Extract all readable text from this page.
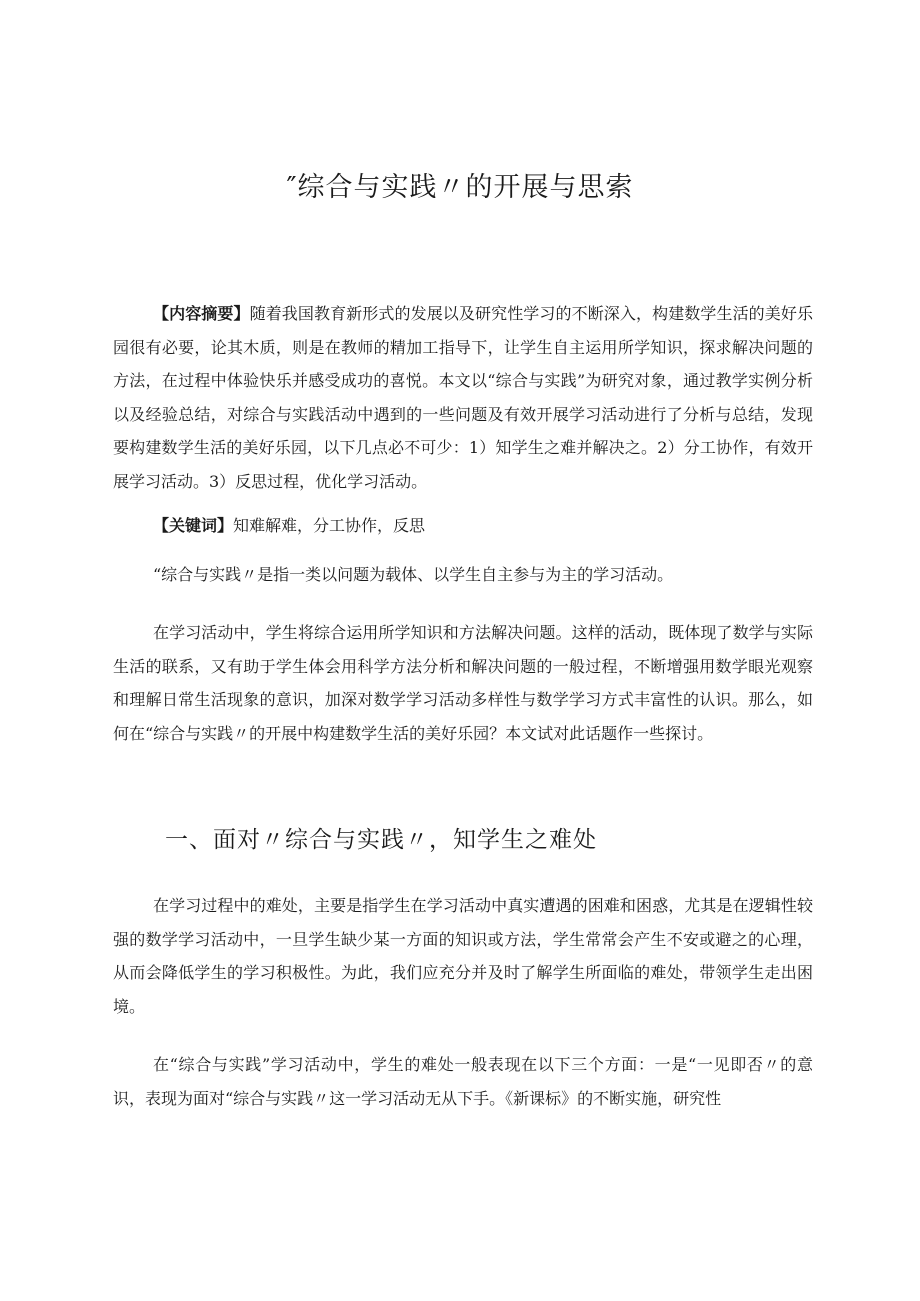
″综合与实践〃的开展与思索

【内容摘要】随着我国教育新形式的发展以及研究性学习的不断深入，构建数学生活的美好乐园很有必要，论其木质，则是在教师的精加工指导下，让学生自主运用所学知识，探求解决问题的方法，在过程中体验快乐并感受成功的喜悦。本文以“综合与实践”为研究对象，通过教学实例分析以及经验总结，对综合与实践活动中遇到的一些问题及有效开展学习活动进行了分析与总结，发现要构建数学生活的美好乐园，以下几点必不可少：1）知学生之难并解决之。2）分工协作，有效开展学习活动。3）反思过程，优化学习活动。

【关键词】知难解难，分工协作，反思

“综合与实践〃是指一类以问题为载体、以学生自主参与为主的学习活动。

在学习活动中，学生将综合运用所学知识和方法解决问题。这样的活动，既体现了数学与实际生活的联系，又有助于学生体会用科学方法分析和解决问题的一般过程，不断增强用数学眼光观察和理解日常生活现象的意识，加深对数学学习活动多样性与数学学习方式丰富性的认识。那么，如何在“综合与实践〃的开展中构建数学生活的美好乐园？本文试对此话题作一些探讨。

一、面对〃综合与实践〃，知学生之难处

在学习过程中的难处，主要是指学生在学习活动中真实遭遇的困难和困惑，尤其是在逻辑性较强的数学学习活动中，一旦学生缺少某一方面的知识或方法，学生常常会产生不安或避之的心理，从而会降低学生的学习积极性。为此，我们应充分并及时了解学生所面临的难处，带领学生走出困境。

在“综合与实践”学习活动中，学生的难处一般表现在以下三个方面：一是“一见即否〃的意识，表现为面对“综合与实践〃这一学习活动无从下手。《新课标》的不断实施，研究性
